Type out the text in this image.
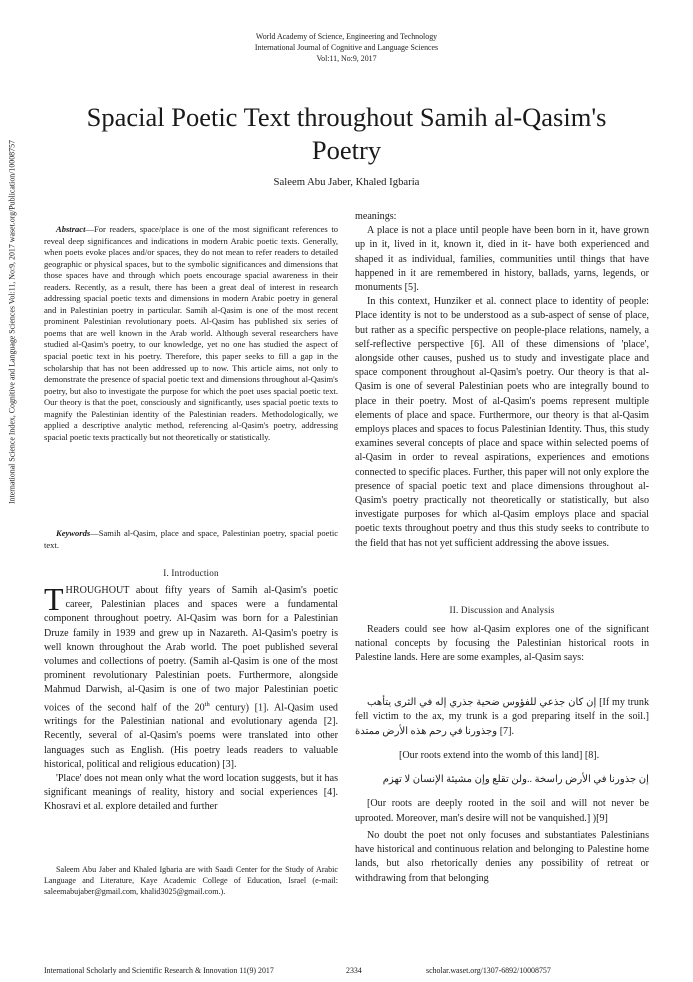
World Academy of Science, Engineering and Technology
International Journal of Cognitive and Language Sciences
Vol:11, No:9, 2017
International Science Index, Cognitive and Language Sciences Vol:11, No:9, 2017 waset.org/Publication/10008757
Spacial Poetic Text throughout Samih al-Qasim's
Poetry
Saleem Abu Jaber, Khaled Igbaria

Abstract—For readers, space/place is one of the most significant references to reveal deep significances and indications in modern Arabic poetic texts. Generally, when poets evoke places and/or spaces, they do not mean to refer readers to detailed geographic or physical spaces, but to the symbolic significances and dimensions that those spaces have and through which poets encourage spacial awareness in their readers. Recently, as a result, there has been a great deal of interest in research addressing spacial poetic texts and dimensions in modern Arabic poetry in general and in Palestinian poetry in particular. Samih al-Qasim is one of the most recent prominent Palestinian revolutionary poets. Al-Qasim has published six series of poems that are well known in the Arab world. Although several researchers have studied al-Qasim's poetry, to our knowledge, yet no one has studied the aspect of spacial poetic text in his poetry. Therefore, this paper seeks to fill a gap in the scholarship that has not been addressed up to now. This article aims, not only to demonstrate the presence of spacial poetic text and dimensions throughout al-Qasim's poetry, but also to investigate the purpose for which the poet uses spacial poetic text. Our theory is that the poet, consciously and significantly, uses spacial poetic texts to magnify the Palestinian identity of the Palestinian readers. Methodologically, we applied a descriptive analytic method, referencing al-Qasim's poetry, addressing spacial poetic texts practically but not theoretically or statistically.

Keywords—Samih al-Qasim, place and space, Palestinian poetry, spacial poetic text.

I. Introduction

THROUGHOUT about fifty years of Samih al-Qasim's poetic career, Palestinian places and spaces were a fundamental component throughout poetry. Al-Qasim was born for a Palestinian Druze family in 1939 and grew up in Nazareth. Al-Qasim's poetry is well known throughout the Arab world. The poet published several volumes and collections of poetry. (Samih al-Qasim is one of the most prominent revolutionary Palestinian poets. Furthermore, alongside Mahmud Darwish, al-Qasim is one of two major Palestinian poetic voices of the second half of the 20th century) [1]. Al-Qasim used writings for the Palestinian national and evolutionary agenda [2]. Recently, several of al-Qasim's poems were translated into other languages such as English. (His poetry leads readers to valuable historical, political and religious education) [3].

'Place' does not mean only what the word location suggests, but it has significant meanings of reality, history and social experiences [4]. Khosravi et al. explore detailed and further

Saleem Abu Jaber and Khaled Igbaria are with Saadi Center for the Study of Arabic Language and Literature, Kaye Academic College of Education, Israel (e-mail: saleemabujaber@gmail.com, khalid3025@gmail.com.).

meanings:

A place is not a place until people have been born in it, have grown up in it, lived in it, known it, died in it- have both experienced and shaped it as individual, families, communities until things that have happened in it are remembered in history, ballads, yarns, legends, or monuments [5].

In this context, Hunziker et al. connect place to identity of people: Place identity is not to be understood as a sub-aspect of sense of place, but rather as a specific perspective on people-place relations, namely, a self-reflective perspective [6]. All of these dimensions of 'place', alongside other causes, pushed us to study and investigate place and space component throughout al-Qasim's poetry. Our theory is that al-Qasim is one of several Palestinian poets who are integrally bound to place in their poetry. Most of al-Qasim's poems represent multiple elements of place and space. Furthermore, our theory is that al-Qasim employs places and spaces to focus Palestinian Identity. Thus, this study examines several concepts of place and space within selected poems of al-Qasim in order to reveal aspirations, experiences and emotions connected to specific places. Further, this paper will not only explore the presence of spacial poetic text and place dimensions throughout al-Qasim's poetry practically not theoretically or statistically, but also investigate purposes for which al-Qasim employs place and spacial poetic texts throughout poetry and thus this study seeks to contribute to the field that has not yet sufficient addressing the above issues.

II. Discussion and Analysis

Readers could see how al-Qasim explores one of the significant national concepts by focusing the Palestinian historical roots in Palestine lands. Here are some examples, al-Qasim says:

إن كان جذعي للفؤوس ضحية جذري إله في الثرى يتأهب [If my trunk fell victim to the ax, my trunk is a god preparing itself in the soil.] وجذورنا في رحم هذه الأرض ممتدة [7].

[Our roots extend into the womb of this land] [8].

إن جذورنا في الأرض راسخة ..ولن تقلع وإن مشيئة الإنسان لا تهزم

[Our roots are deeply rooted in the soil and will not never be uprooted. Moreover, man's desire will not be vanquished.] )[9]

No doubt the poet not only focuses and substantiates Palestinians have historical and continuous relation and belonging to Palestine home lands, but also rhetorically denies any possibility of retreat or withdrawing from that belonging

International Scholarly and Scientific Research & Innovation 11(9) 2017	2334	scholar.waset.org/1307-6892/10008757
